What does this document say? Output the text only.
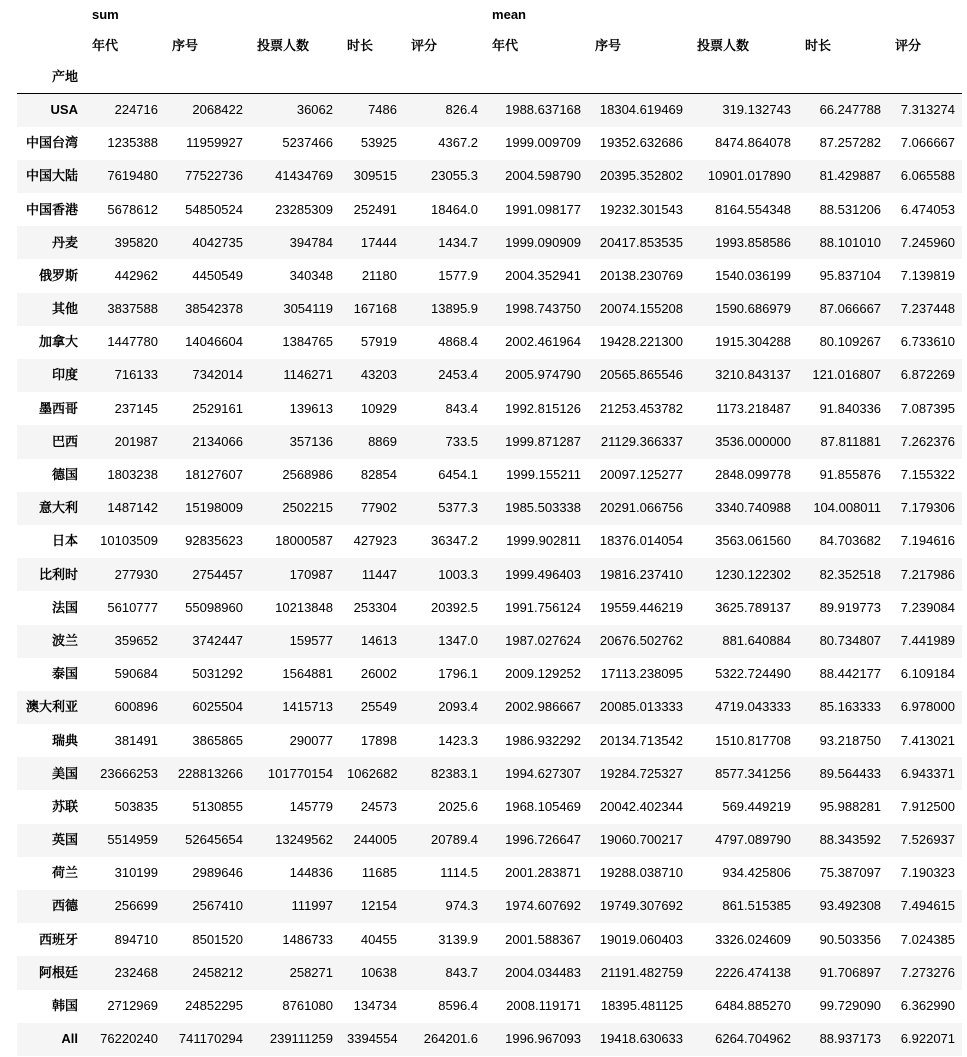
	sum					mean				
	年代	序号	投票人数	时长	评分	年代	序号	投票人数	时长	评分
产地										
USA	224716	2068422	36062	7486	826.4	1988.637168	18304.619469	319.132743	66.247788	7.313274
中国台湾	1235388	11959927	5237466	53925	4367.2	1999.009709	19352.632686	8474.864078	87.257282	7.066667
中国大陆	7619480	77522736	41434769	309515	23055.3	2004.598790	20395.352802	10901.017890	81.429887	6.065588
中国香港	5678612	54850524	23285309	252491	18464.0	1991.098177	19232.301543	8164.554348	88.531206	6.474053
丹麦	395820	4042735	394784	17444	1434.7	1999.090909	20417.853535	1993.858586	88.101010	7.245960
俄罗斯	442962	4450549	340348	21180	1577.9	2004.352941	20138.230769	1540.036199	95.837104	7.139819
其他	3837588	38542378	3054119	167168	13895.9	1998.743750	20074.155208	1590.686979	87.066667	7.237448
加拿大	1447780	14046604	1384765	57919	4868.4	2002.461964	19428.221300	1915.304288	80.109267	6.733610
印度	716133	7342014	1146271	43203	2453.4	2005.974790	20565.865546	3210.843137	121.016807	6.872269
墨西哥	237145	2529161	139613	10929	843.4	1992.815126	21253.453782	1173.218487	91.840336	7.087395
巴西	201987	2134066	357136	8869	733.5	1999.871287	21129.366337	3536.000000	87.811881	7.262376
德国	1803238	18127607	2568986	82854	6454.1	1999.155211	20097.125277	2848.099778	91.855876	7.155322
意大利	1487142	15198009	2502215	77902	5377.3	1985.503338	20291.066756	3340.740988	104.008011	7.179306
日本	10103509	92835623	18000587	427923	36347.2	1999.902811	18376.014054	3563.061560	84.703682	7.194616
比利时	277930	2754457	170987	11447	1003.3	1999.496403	19816.237410	1230.122302	82.352518	7.217986
法国	5610777	55098960	10213848	253304	20392.5	1991.756124	19559.446219	3625.789137	89.919773	7.239084
波兰	359652	3742447	159577	14613	1347.0	1987.027624	20676.502762	881.640884	80.734807	7.441989
泰国	590684	5031292	1564881	26002	1796.1	2009.129252	17113.238095	5322.724490	88.442177	6.109184
澳大利亚	600896	6025504	1415713	25549	2093.4	2002.986667	20085.013333	4719.043333	85.163333	6.978000
瑞典	381491	3865865	290077	17898	1423.3	1986.932292	20134.713542	1510.817708	93.218750	7.413021
美国	23666253	228813266	101770154	1062682	82383.1	1994.627307	19284.725327	8577.341256	89.564433	6.943371
苏联	503835	5130855	145779	24573	2025.6	1968.105469	20042.402344	569.449219	95.988281	7.912500
英国	5514959	52645654	13249562	244005	20789.4	1996.726647	19060.700217	4797.089790	88.343592	7.526937
荷兰	310199	2989646	144836	11685	1114.5	2001.283871	19288.038710	934.425806	75.387097	7.190323
西德	256699	2567410	111997	12154	974.3	1974.607692	19749.307692	861.515385	93.492308	7.494615
西班牙	894710	8501520	1486733	40455	3139.9	2001.588367	19019.060403	3326.024609	90.503356	7.024385
阿根廷	232468	2458212	258271	10638	843.7	2004.034483	21191.482759	2226.474138	91.706897	7.273276
韩国	2712969	24852295	8761080	134734	8596.4	2008.119171	18395.481125	6484.885270	99.729090	6.362990
All	76220240	741170294	239111259	3394554	264201.6	1996.967093	19418.630633	6264.704962	88.937173	6.922071
